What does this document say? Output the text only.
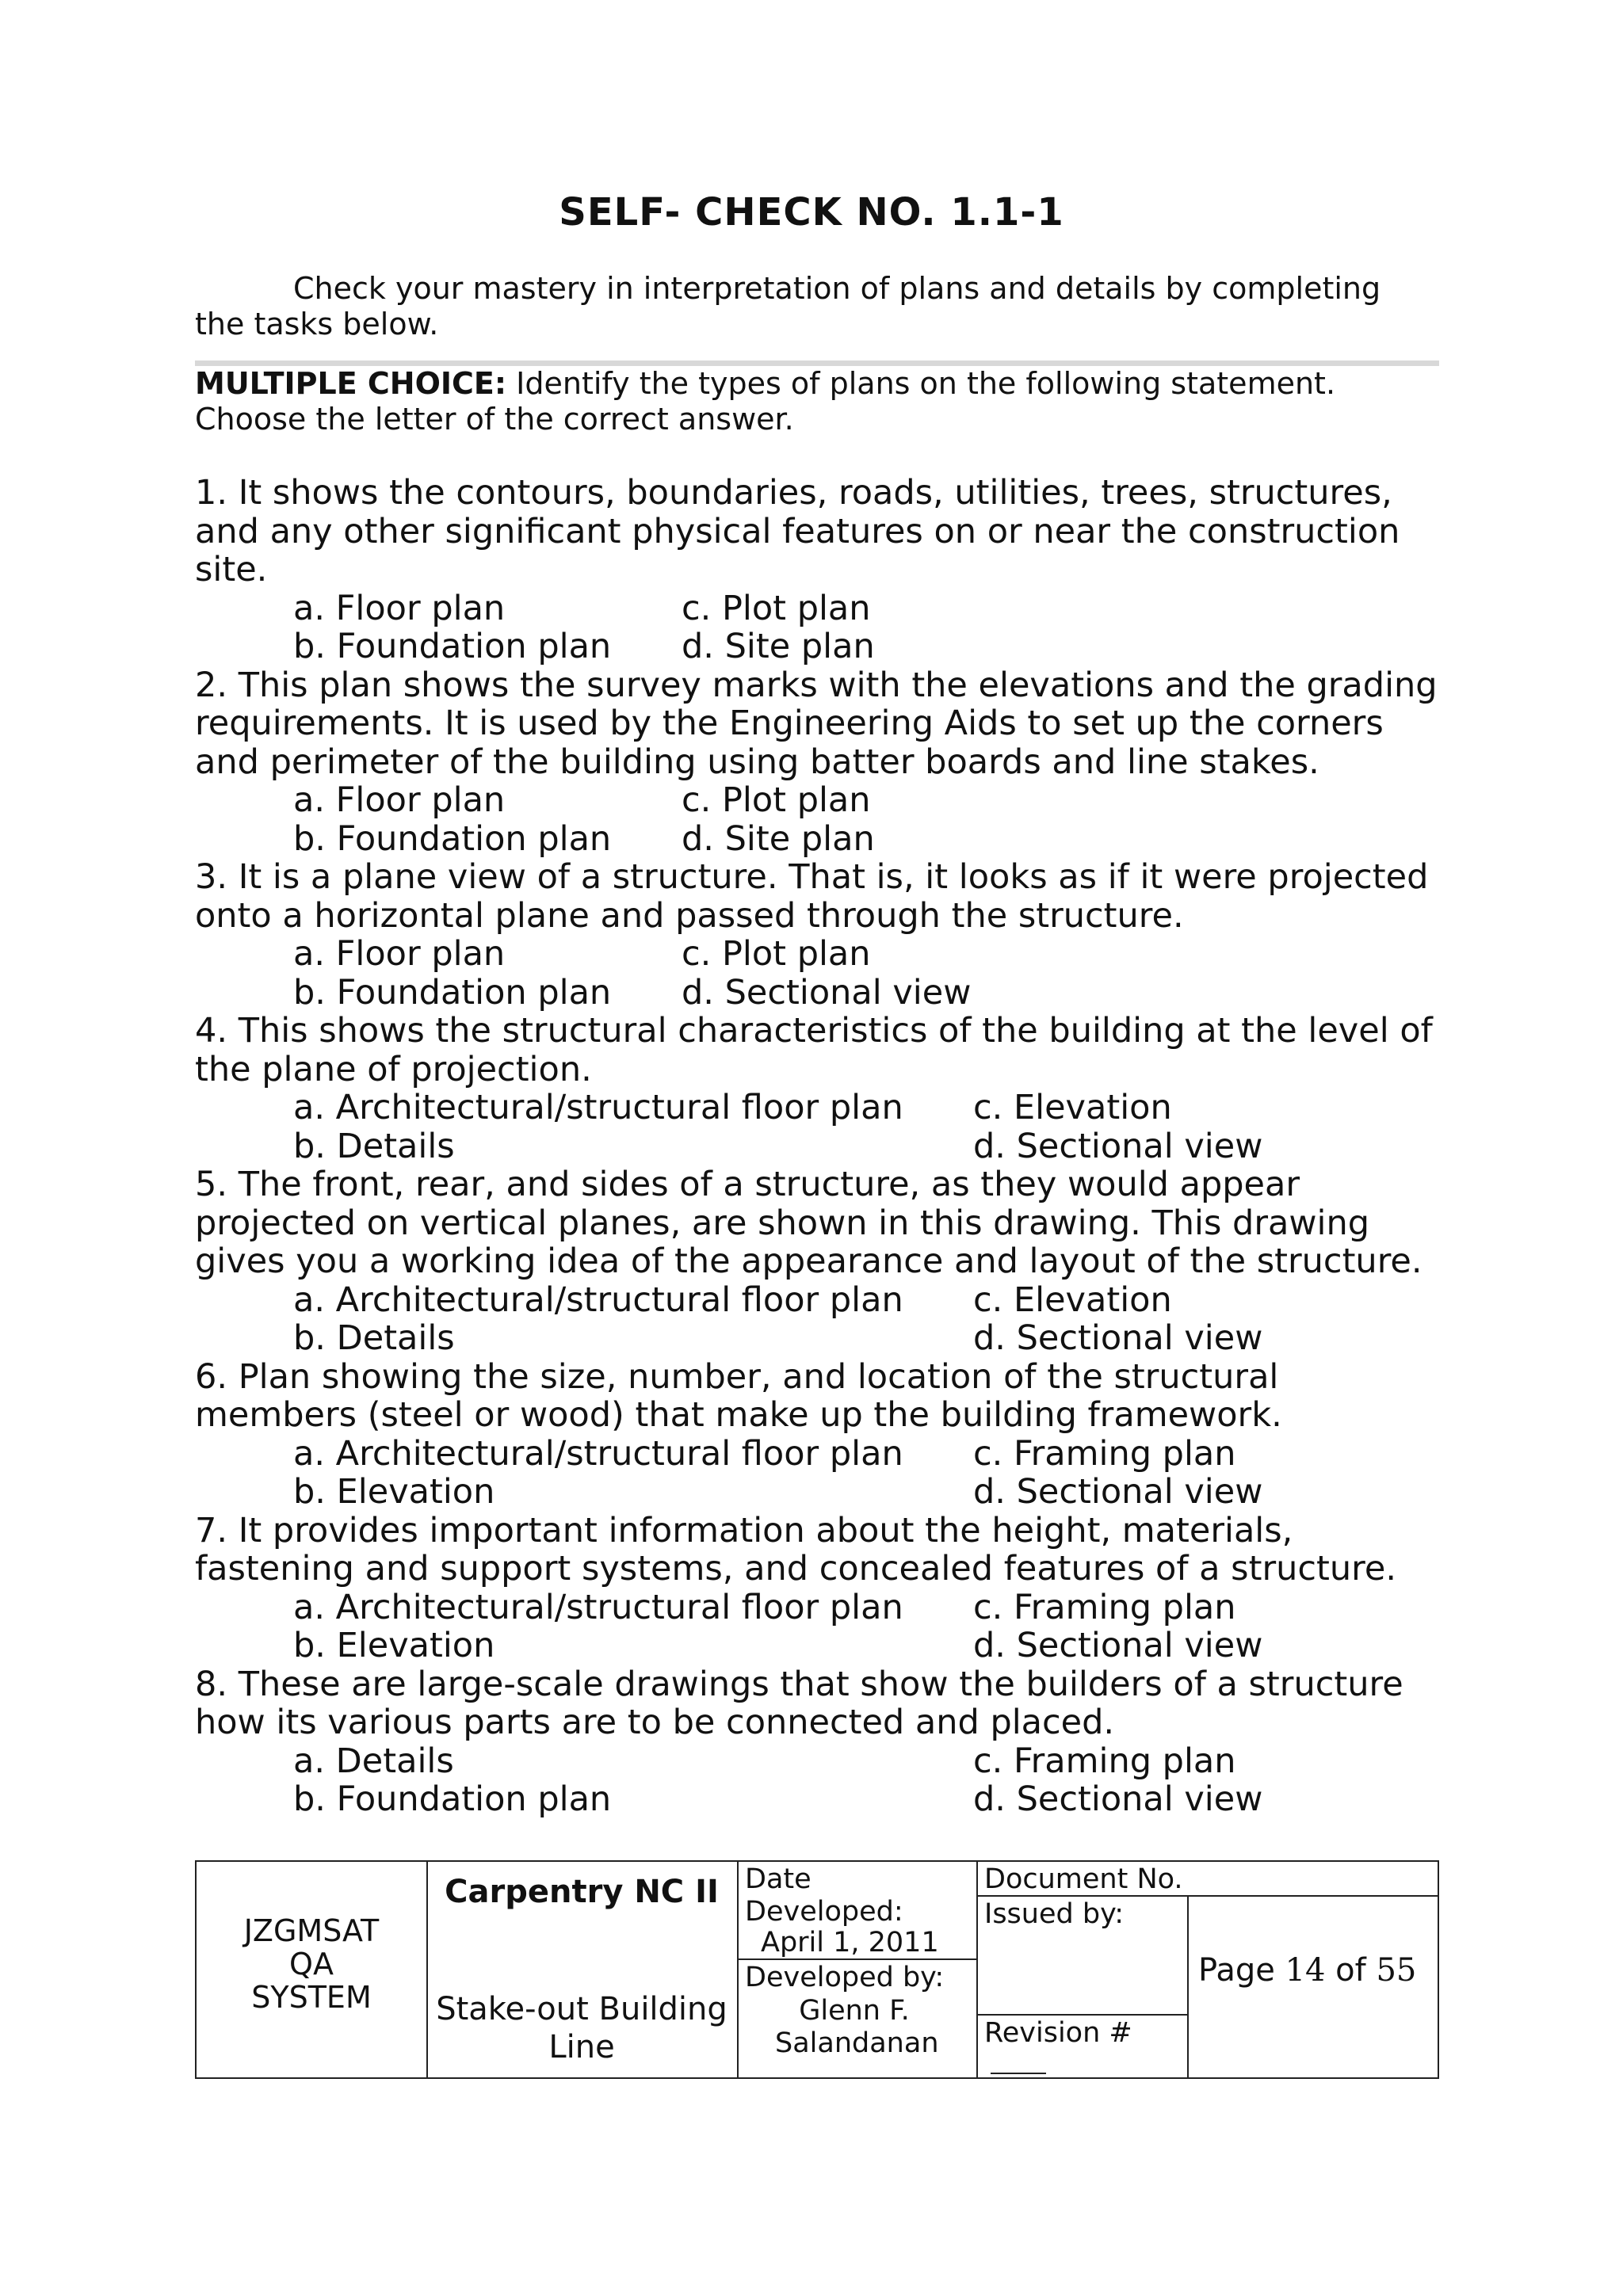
SELF- CHECK NO. 1.1-1
Check your mastery in interpretation of plans and details by completing the tasks below.
MULTIPLE CHOICE: Identify the types of plans on the following statement. Choose the letter of the correct answer.

1. It shows the contours, boundaries, roads, utilities, trees, structures, and any other significant physical features on or near the construction site.

a. Floor plan	c. Plot plan
b. Foundation plan d. Site plan

2. This plan shows the survey marks with the elevations and the grading requirements. It is used by the Engineering Aids to set up the corners and perimeter of the building using batter boards and line stakes.

a. Floor plan	c. Plot plan
b. Foundation plan d. Site plan

3. It is a plane view of a structure. That is, it looks as if it were projected onto a horizontal plane and passed through the structure.

a. Floor plan	c. Plot plan
b. Foundation plan d. Sectional view

4. This shows the structural characteristics of the building at the level of the plane of projection.

a. Architectural/structural floor plan c. Elevation
b. Details	d. Sectional view

5. The front, rear, and sides of a structure, as they would appear projected on vertical planes, are shown in this drawing. This drawing gives you a working idea of the appearance and layout of the structure.

a. Architectural/structural floor plan c. Elevation
b. Details	d. Sectional view

6. Plan showing the size, number, and location of the structural members (steel or wood) that make up the building framework.

a. Architectural/structural floor plan c. Framing plan
b. Elevation	d. Sectional view

7. It provides important information about the height, materials, fastening and support systems, and concealed features of a structure.

a. Architectural/structural floor plan c. Framing plan
b. Elevation	d. Sectional view

8. These are large-scale drawings that show the builders of a structure how its various parts are to be connected and placed.

a. Details	c. Framing plan
b. Foundation plan	d. Sectional view
JZGMSAT
QA
SYSTEM
Carpentry NC II
Stake-out Building Line
Date Developed:
April 1, 2011
Developed by:
Glenn F. Salandanan
Document No.
Issued by:
Revision #
Page 14 of 55
